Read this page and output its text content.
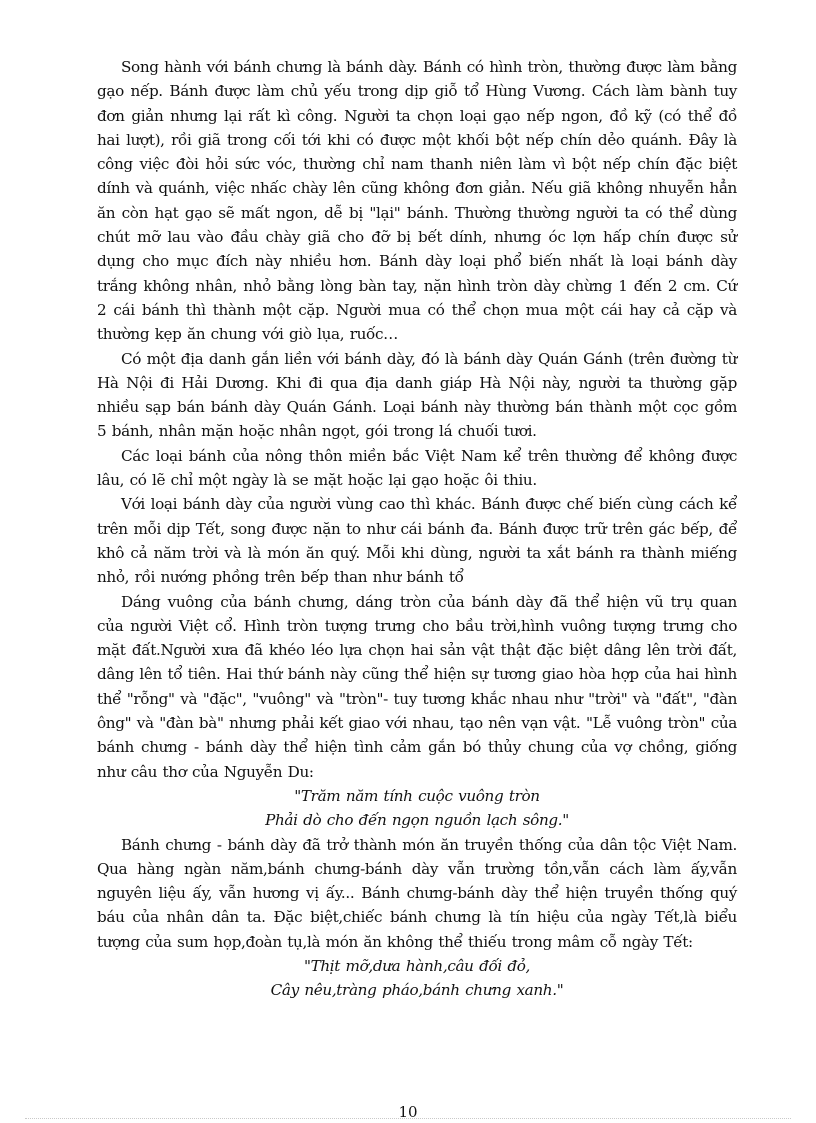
Song hành với bánh chưng là bánh dày. Bánh có hình tròn, thường được làm bằng gạo nếp. Bánh được làm chủ yếu trong dịp giỗ tổ Hùng Vương. Cách làm bành tuy đơn giản nhưng lại rất kì công. Người ta chọn loại gạo nếp ngon, đồ kỹ (có thể đồ hai lượt), rồi giã trong cối tới khi có được một khối bột nếp chín dẻo quánh. Đây là công việc đòi hỏi sức vóc, thường chỉ nam thanh niên làm vì bột nếp chín đặc biệt dính và quánh, việc nhấc chày lên cũng không đơn giản. Nếu giã không nhuyễn hẳn ăn còn hạt gạo sẽ mất ngon, dễ bị "lại" bánh. Thường thường người ta có thể dùng chút mỡ lau vào đầu chày giã cho đỡ bị bết dính, nhưng óc lợn hấp chín được sử dụng cho mục đích này nhiều hơn. Bánh dày loại phổ biến nhất là loại bánh dày trắng không nhân, nhỏ bằng lòng bàn tay, nặn hình tròn dày chừng 1 đến 2 cm. Cứ 2 cái bánh thì thành một cặp. Người mua có thể chọn mua một cái hay cả cặp và thường kẹp ăn chung với giò lụa, ruốc…

Có một địa danh gắn liền với bánh dày, đó là bánh dày Quán Gánh (trên đường từ Hà Nội đi Hải Dương. Khi đi qua địa danh giáp Hà Nội này, người ta thường gặp nhiều sạp bán bánh dày Quán Gánh. Loại bánh này thường bán thành một cọc gồm 5 bánh, nhân mặn hoặc nhân ngọt, gói trong lá chuối tươi.

Các loại bánh của nông thôn miền bắc Việt Nam kể trên thường để không được lâu, có lẽ chỉ một ngày là se mặt hoặc lại gạo hoặc ôi thiu.

Với loại bánh dày của người vùng cao thì khác. Bánh được chế biến cùng cách kể trên mỗi dịp Tết, song được nặn to như cái bánh đa. Bánh được trữ trên gác bếp, để khô cả năm trời và là món ăn quý. Mỗi khi dùng, người ta xắt bánh ra thành miếng nhỏ, rồi nướng phồng trên bếp than như bánh tổ

Dáng vuông của bánh chưng, dáng tròn của bánh dày đã thể hiện vũ trụ quan của người Việt cổ. Hình tròn tượng trưng cho bầu trời,hình vuông tượng trưng cho mặt đất.Người xưa đã khéo léo lựa chọn hai sản vật thật đặc biệt dâng lên trời đất, dâng lên tổ tiên. Hai thứ bánh này cũng thể hiện sự tương giao hòa hợp của hai hình thể "rỗng" và "đặc", "vuông" và "tròn"- tuy tương khắc nhau như "trời" và "đất", "đàn ông" và "đàn bà" nhưng phải kết giao với nhau, tạo nên vạn vật. "Lễ vuông tròn" của bánh chưng - bánh dày thể hiện tình cảm gắn bó thủy chung của vợ chồng, giống như câu thơ của Nguyễn Du:

"Trăm năm tính cuộc vuông tròn

Phải dò cho đến ngọn nguồn lạch sông."

Bánh chưng - bánh dày đã trở thành món ăn truyền thống của dân tộc Việt Nam. Qua hàng ngàn năm,bánh chưng-bánh dày vẫn trường tồn,vẫn cách làm ấy,vẫn nguyên liệu ấy, vẫn hương vị ấy... Bánh chưng-bánh dày thể hiện truyền thống quý báu của nhân dân ta. Đặc biệt,chiếc bánh chưng là tín hiệu của ngày Tết,là biểu tượng của sum họp,đoàn tụ,là món ăn không thể thiếu trong mâm cỗ ngày Tết:

"Thịt mỡ,dưa hành,câu đối đỏ,

Cây nêu,tràng pháo,bánh chưng xanh."

10
